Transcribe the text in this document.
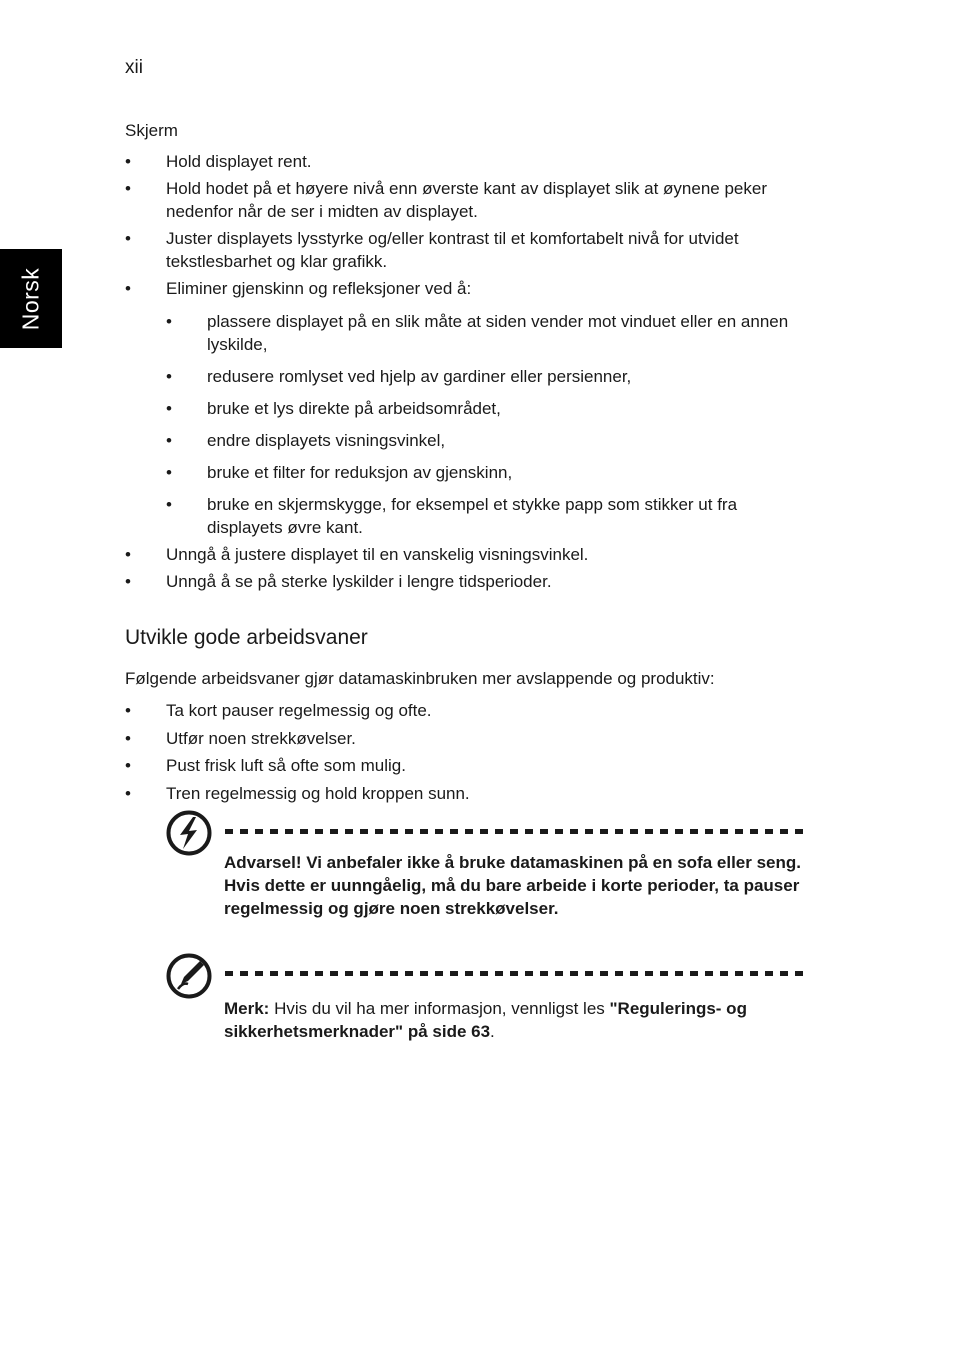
xii
Norsk
Skjerm
• Hold displayet rent.
• Hold hodet på et høyere nivå enn øverste kant av displayet slik at øynene peker nedenfor når de ser i midten av displayet.
• Juster displayets lysstyrke og/eller kontrast til et komfortabelt nivå for utvidet tekstlesbarhet og klar grafikk.
• Eliminer gjenskinn og refleksjoner ved å:
• plassere displayet på en slik måte at siden vender mot vinduet eller en annen lyskilde,
• redusere romlyset ved hjelp av gardiner eller persienner,
• bruke et lys direkte på arbeidsområdet,
• endre displayets visningsvinkel,
• bruke et filter for reduksjon av gjenskinn,
• bruke en skjermskygge, for eksempel et stykke papp som stikker ut fra displayets øvre kant.
• Unngå å justere displayet til en vanskelig visningsvinkel.
• Unngå å se på sterke lyskilder i lengre tidsperioder.
Utvikle gode arbeidsvaner
Følgende arbeidsvaner gjør datamaskinbruken mer avslappende og produktiv:
• Ta kort pauser regelmessig og ofte.
• Utfør noen strekkøvelser.
• Pust frisk luft så ofte som mulig.
• Tren regelmessig og hold kroppen sunn.
Advarsel! Vi anbefaler ikke å bruke datamaskinen på en sofa eller seng. Hvis dette er uunngåelig, må du bare arbeide i korte perioder, ta pauser regelmessig og gjøre noen strekkøvelser.
Merk: Hvis du vil ha mer informasjon, vennligst les "Regulerings- og sikkerhetsmerknader" på side 63.
